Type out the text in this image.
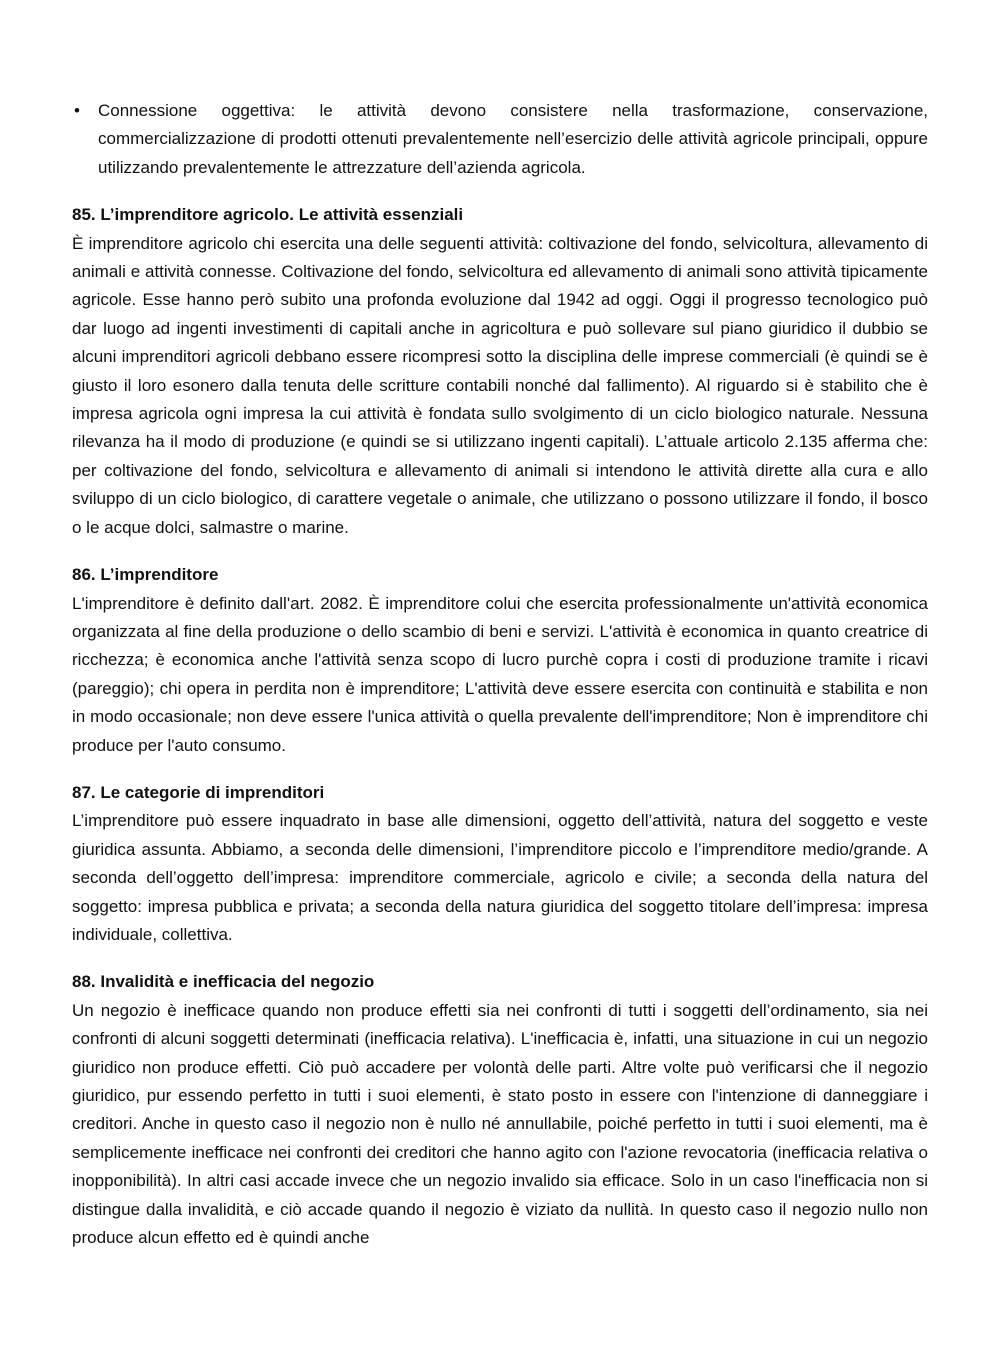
•	Connessione oggettiva: le attività devono consistere nella trasformazione, conservazione, commercializzazione di prodotti ottenuti prevalentemente nell’esercizio delle attività agricole principali, oppure utilizzando prevalentemente le attrezzature dell’azienda agricola.

85. L’imprenditore agricolo. Le attività essenziali

È imprenditore agricolo chi esercita una delle seguenti attività: coltivazione del fondo, selvicoltura, allevamento di animali e attività connesse. Coltivazione del fondo, selvicoltura ed allevamento di animali sono attività tipicamente agricole. Esse hanno però subito una profonda evoluzione dal 1942 ad oggi. Oggi il progresso tecnologico può dar luogo ad ingenti investimenti di capitali anche in agricoltura e può sollevare sul piano giuridico il dubbio se alcuni imprenditori agricoli debbano essere ricompresi sotto la disciplina delle imprese commerciali (è quindi se è giusto il loro esonero dalla tenuta delle scritture contabili nonché dal fallimento). Al riguardo si è stabilito che è impresa agricola ogni impresa la cui attività è fondata sullo svolgimento di un ciclo biologico naturale. Nessuna rilevanza ha il modo di produzione (e quindi se si utilizzano ingenti capitali). L’attuale articolo 2.135 afferma che: per coltivazione del fondo, selvicoltura e allevamento di animali si intendono le attività dirette alla cura e allo sviluppo di un ciclo biologico, di carattere vegetale o animale, che utilizzano o possono utilizzare il fondo, il bosco o le acque dolci, salmastre o marine.

86. L’imprenditore

L'imprenditore è definito dall'art. 2082. È imprenditore colui che esercita professionalmente un'attività economica organizzata al fine della produzione o dello scambio di beni e servizi. L'attività è economica in quanto creatrice di ricchezza; è economica anche l'attività senza scopo di lucro purchè copra i costi di produzione tramite i ricavi (pareggio); chi opera in perdita non è imprenditore; L'attività deve essere esercita con continuità e stabilita e non in modo occasionale; non deve essere l'unica attività o quella prevalente dell'imprenditore; Non è imprenditore chi produce per l'auto consumo.

87. Le categorie di imprenditori

L’imprenditore può essere inquadrato in base alle dimensioni, oggetto dell’attività, natura del soggetto e veste giuridica assunta. Abbiamo, a seconda delle dimensioni, l’imprenditore piccolo e l’imprenditore medio/grande. A seconda dell’oggetto dell’impresa: imprenditore commerciale, agricolo e civile; a seconda della natura del soggetto: impresa pubblica e privata; a seconda della natura giuridica del soggetto titolare dell’impresa: impresa individuale, collettiva.

88. Invalidità e inefficacia del negozio

Un negozio è inefficace quando non produce effetti sia nei confronti di tutti i soggetti dell’ordinamento, sia nei confronti di alcuni soggetti determinati (inefficacia relativa). L'inefficacia è, infatti, una situazione in cui un negozio giuridico non produce effetti. Ciò può accadere per volontà delle parti. Altre volte può verificarsi che il negozio giuridico, pur essendo perfetto in tutti i suoi elementi, è stato posto in essere con l'intenzione di danneggiare i creditori. Anche in questo caso il negozio non è nullo né annullabile, poiché perfetto in tutti i suoi elementi, ma è semplicemente inefficace nei confronti dei creditori che hanno agito con l'azione revocatoria (inefficacia relativa o inopponibilità). In altri casi accade invece che un negozio invalido sia efficace. Solo in un caso l'inefficacia non si distingue dalla invalidità, e ciò accade quando il negozio è viziato da nullità. In questo caso il negozio nullo non produce alcun effetto ed è quindi anche
